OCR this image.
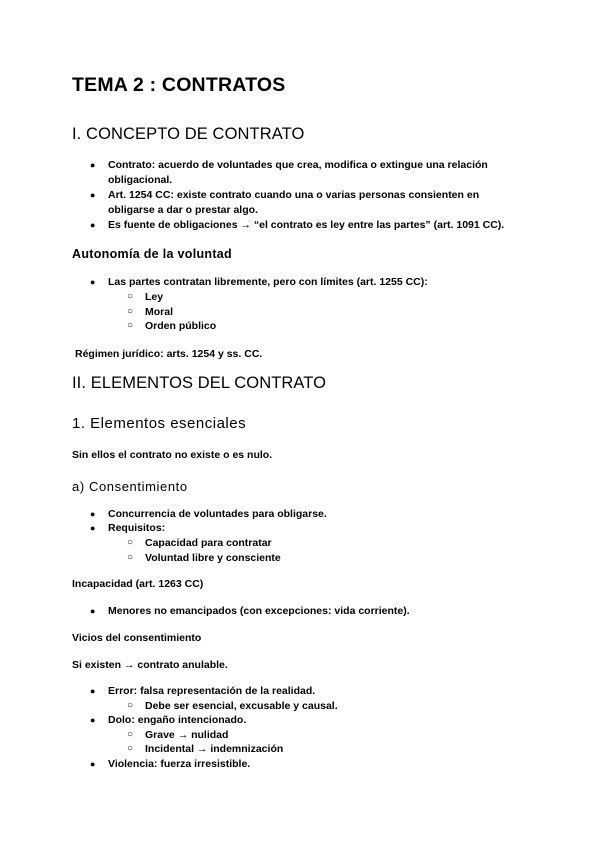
TEMA 2 : CONTRATOS
I. CONCEPTO DE CONTRATO
● Contrato: acuerdo de voluntades que crea, modifica o extingue una relación
obligacional.
● Art. 1254 CC: existe contrato cuando una o varias personas consienten en
obligarse a dar o prestar algo.
● Es fuente de obligaciones → “el contrato es ley entre las partes” (art. 1091 CC).
Autonomía de la voluntad
● Las partes contratan libremente, pero con límites (art. 1255 CC):
○ Ley
○ Moral
○ Orden público
Régimen jurídico: arts. 1254 y ss. CC.
II. ELEMENTOS DEL CONTRATO
1. Elementos esenciales
Sin ellos el contrato no existe o es nulo.
a) Consentimiento
● Concurrencia de voluntades para obligarse.
● Requisitos:
○ Capacidad para contratar
○ Voluntad libre y consciente
Incapacidad (art. 1263 CC)
● Menores no emancipados (con excepciones: vida corriente).
Vicios del consentimiento
Si existen → contrato anulable.
● Error: falsa representación de la realidad.
○ Debe ser esencial, excusable y causal.
● Dolo: engaño intencionado.
○ Grave → nulidad
○ Incidental → indemnización
● Violencia: fuerza irresistible.
